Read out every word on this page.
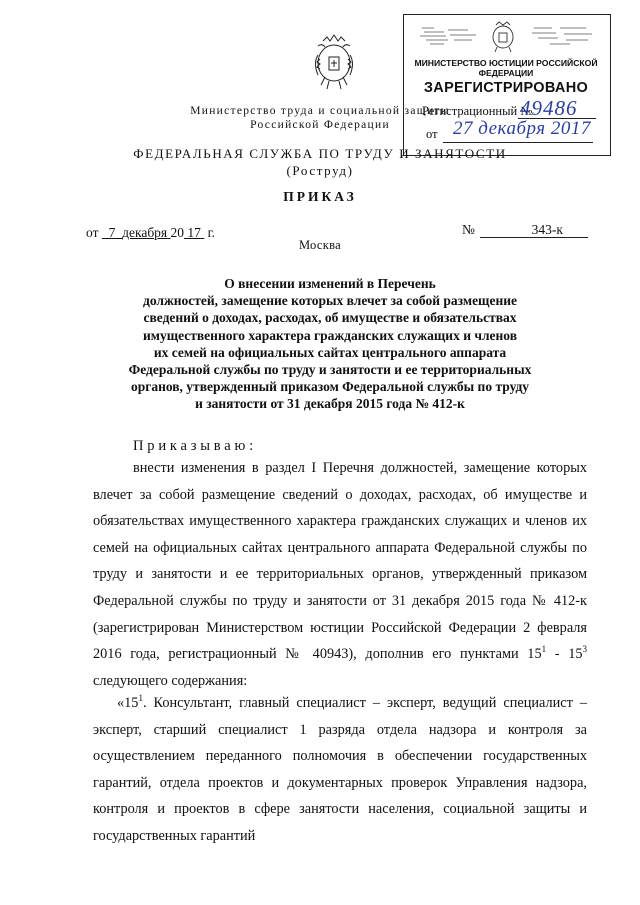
Министерство труда и социальной защиты
Российской Федерации
МИНИСТЕРСТВО ЮСТИЦИИ РОССИЙСКОЙ ФЕДЕРАЦИИ
ЗАРЕГИСТРИРОВАНО
Регистрационный №
49486
от 27 декабря 2017
ФЕДЕРАЛЬНАЯ СЛУЖБА ПО ТРУДУ И ЗАНЯТОСТИ
(Роструд)
ПРИКАЗ
от 7 декабря 20 17 г.	№	343-к
Москва
О внесении изменений в Перечень
должностей, замещение которых влечет за собой размещение
сведений о доходах, расходах, об имуществе и обязательствах
имущественного характера гражданских служащих и членов
их семей на официальных сайтах центрального аппарата
Федеральной службы по труду и занятости и ее территориальных
органов, утвержденный приказом Федеральной службы по труду
и занятости от 31 декабря 2015 года № 412-к
Приказываю:
внести изменения в раздел I Перечня должностей, замещение которых влечет за собой размещение сведений о доходах, расходах, об имуществе и обязательствах имущественного характера гражданских служащих и членов их семей на официальных сайтах центрального аппарата Федеральной службы по труду и занятости и ее территориальных органов, утвержденный приказом Федеральной службы по труду и занятости от 31 декабря 2015 года № 412-к (зарегистрирован Министерством юстиции Российской Федерации 2 февраля 2016 года, регистрационный № 40943), дополнив его пунктами $15^1 - 15^3$ следующего содержания:
«$15^1$. Консультант, главный специалист – эксперт, ведущий специалист – эксперт, старший специалист 1 разряда отдела надзора и контроля за осуществлением переданного полномочия в обеспечении государственных гарантий, отдела проектов и документарных проверок Управления надзора, контроля и проектов в сфере занятости населения, социальной защиты и государственных гарантий
